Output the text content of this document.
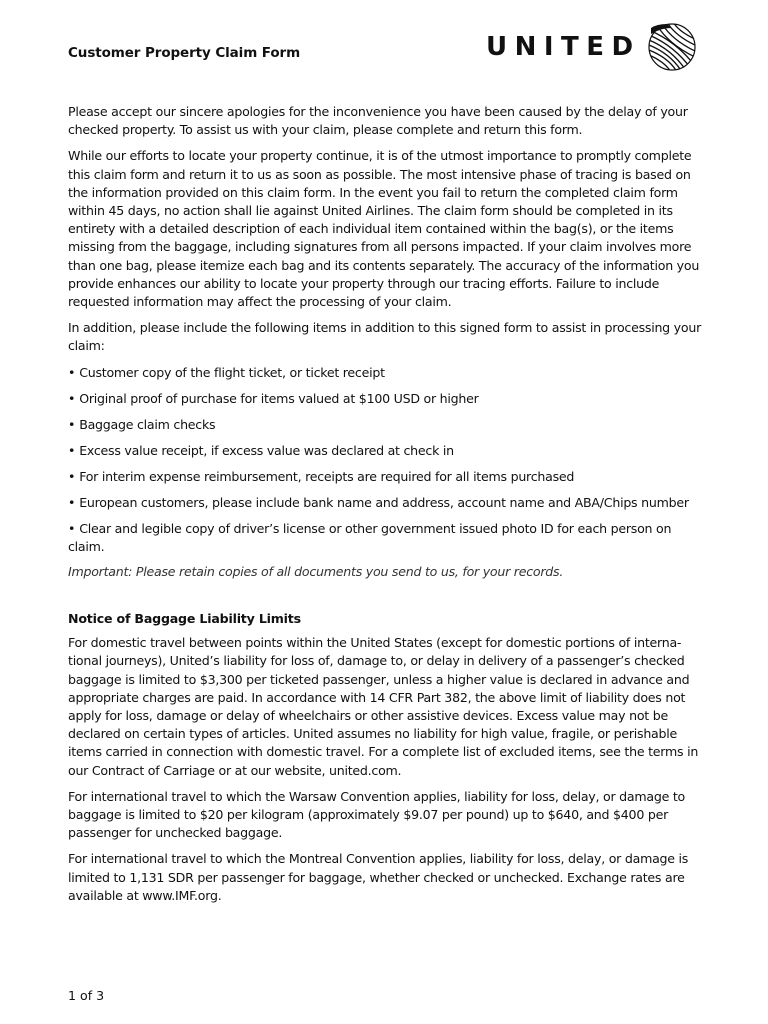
Customer Property Claim Form	UNITED

Please accept our sincere apologies for the inconvenience you have been caused by the delay of your checked property. To assist us with your claim, please complete and return this form.

While our efforts to locate your property continue, it is of the utmost importance to promptly complete this claim form and return it to us as soon as possible. The most intensive phase of tracing is based on the information provided on this claim form. In the event you fail to return the completed claim form within 45 days, no action shall lie against United Airlines. The claim form should be completed in its entirety with a detailed description of each individual item contained within the bag(s), or the items missing from the baggage, including signatures from all persons impacted. If your claim involves more than one bag, please itemize each bag and its contents separately. The accuracy of the information you provide enhances our ability to locate your property through our tracing efforts. Failure to include requested information may affect the processing of your claim.

In addition, please include the following items in addition to this signed form to assist in processing your claim:

• Customer copy of the flight ticket, or ticket receipt
• Original proof of purchase for items valued at $100 USD or higher
• Baggage claim checks
• Excess value receipt, if excess value was declared at check in
• For interim expense reimbursement, receipts are required for all items purchased
• European customers, please include bank name and address, account name and ABA/Chips number
• Clear and legible copy of driver’s license or other government issued photo ID for each person on claim.

Important: Please retain copies of all documents you send to us, for your records.

Notice of Baggage Liability Limits

For domestic travel between points within the United States (except for domestic portions of interna-tional journeys), United’s liability for loss of, damage to, or delay in delivery of a passenger’s checked baggage is limited to $3,300 per ticketed passenger, unless a higher value is declared in advance and appropriate charges are paid. In accordance with 14 CFR Part 382, the above limit of liability does not apply for loss, damage or delay of wheelchairs or other assistive devices. Excess value may not be declared on certain types of articles. United assumes no liability for high value, fragile, or perishable items carried in connection with domestic travel. For a complete list of excluded items, see the terms in our Contract of Carriage or at our website, united.com.

For international travel to which the Warsaw Convention applies, liability for loss, delay, or damage to baggage is limited to $20 per kilogram (approximately $9.07 per pound) up to $640, and $400 per passenger for unchecked baggage.

For international travel to which the Montreal Convention applies, liability for loss, delay, or damage is limited to 1,131 SDR per passenger for baggage, whether checked or unchecked. Exchange rates are available at www.IMF.org.

1 of 3
